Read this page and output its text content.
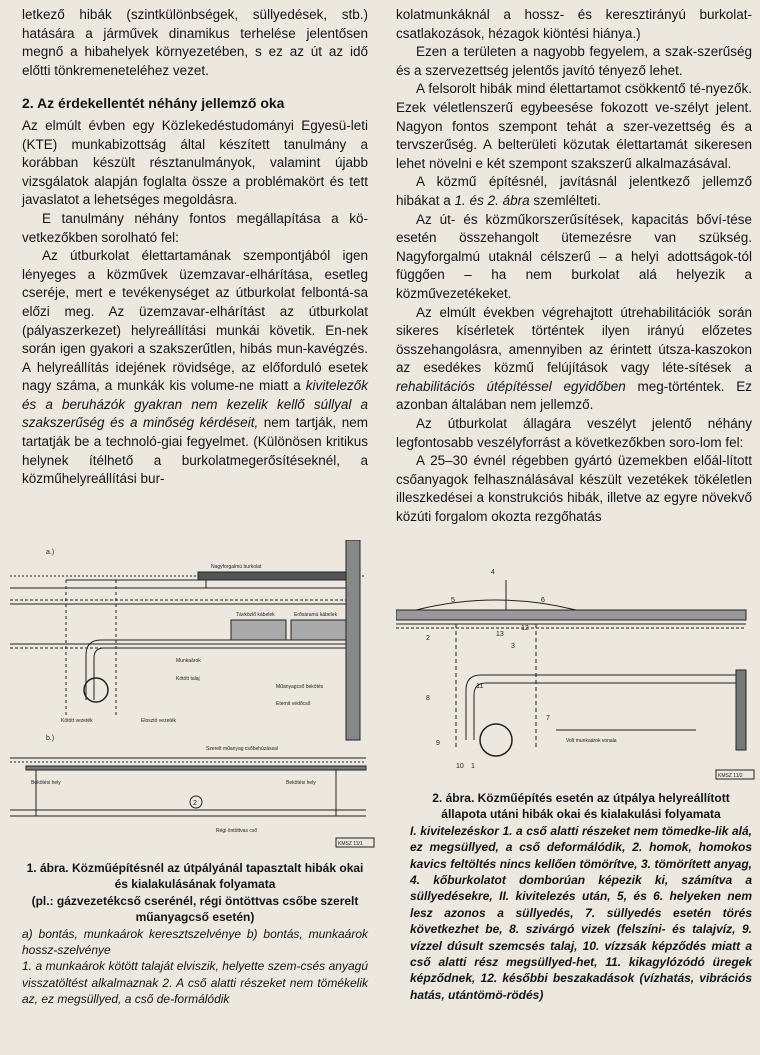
letkező hibák (szintkülönbségek, süllyedések, stb.) hatására a járművek dinamikus terhelése jelentősen megnő a hibahelyek környezetében, s ez az út az idő előtti tönkremeneteléhez vezet.

2. Az érdekellentét néhány jellemző oka

Az elmúlt évben egy Közlekedéstudományi Egyesü-leti (KTE) munkabizottság által készített tanulmány a korábban készült résztanulmányok, valamint újabb vizsgálatok alapján foglalta össze a problémakört és tett javaslatot a lehetséges megoldásra.

E tanulmány néhány fontos megállapítása a kö-vetkezőkben sorolható fel:

Az útburkolat élettartamának szempontjából igen lényeges a közművek üzemzavar-elhárítása, esetleg cseréje, mert e tevékenységet az útburkolat felbontá-sa előzi meg. Az üzemzavar-elhárítást az útburkolat (pályaszerkezet) helyreállítási munkái követik. En-nek során igen gyakori a szakszerűtlen, hibás mun-kavégzés. A helyreállítás idejének rövidsége, az előforduló esetek nagy száma, a munkák kis volume-ne miatt a kivitelezők és a beruházók gyakran nem kezelik kellő súllyal a szakszerűség és a minőség kérdéseit, nem tartják, nem tartatják be a technoló-giai fegyelmet. (Különösen kritikus helynek ítélhető a burkolatmegerősítéseknél, a közműhelyreállítási bur-

kolatmunkáknál a hossz- és keresztirányú burkolat-csatlakozások, hézagok kiöntési hiánya.)

Ezen a területen a nagyobb fegyelem, a szak-szerűség és a szervezettség jelentős javító tényező lehet.

A felsorolt hibák mind élettartamot csökkentő té-nyezők. Ezek véletlenszerű egybeesése fokozott ve-szélyt jelent. Nagyon fontos szempont tehát a szer-vezettség és a tervszerűség. A belterületi közutak élettartamát sikeresen lehet növelni e két szempont szakszerű alkalmazásával.

A közmű építésnél, javításnál jelentkező jellemző hibákat a 1. és 2. ábra szemlélteti.

Az út- és közműkorszerűsítések, kapacitás bőví-tése esetén összehangolt ütemezésre van szükség. Nagyforgalmú utaknál célszerű – a helyi adottságok-tól függően – ha nem burkolat alá helyezik a közművezetékeket.

Az elmúlt években végrehajtott útrehabilitációk során sikeres kísérletek történtek ilyen irányú előzetes összehangolásra, amennyiben az érintett útsza-kaszokon az esedékes közmű felújítások vagy léte-sítések a rehabilitációs útépítéssel egyidőben meg-történtek. Ez azonban általában nem jellemző.

Az útburkolat állagára veszélyt jelentő néhány legfontosabb veszélyforrást a következőkben soro-lom fel:

A 25–30 évnél régebben gyártó üzemekben előál-lított csőanyagok felhasználásával készült vezetékek tökéletlen illeszkedései a konstrukciós hibák, illetve az egyre növekvő közúti forgalom okozta rezgőhatás

a.)
Nagyforgalmú burkolat
Távközlő kábelek	Erősáramú kábelek
Munkaárok
Kötött talaj
Műanyagcső bekötés
Eternit védőcső
Kötött vezeték	Elosztó vezeték
b.)
Szerelt műanyag csőbehúzással
Bekötési hely	Bekötési hely
2
Régi öntöttvas cső
KMSZ 11/1
1. ábra. Közműépítésnél az útpályánál tapasztalt hibák okai és kialakulásának folyamata
(pl.: gázvezetékcső cserénél, régi öntöttvas csőbe szerelt műanyagcső esetén)
a) bontás, munkaárok keresztszelvénye b) bontás, munkaárok hossz-szelvénye
1. a munkaárok kötött talaját elviszik, helyette szem-csés anyagú visszatöltést alkalmaznak 2. A cső alatti részeket nem tömékelik az, ez megsüllyed, a cső de-formálódik
4
5	6
2
3
12
11
8
7
9
10 1
13
Volt munkaárok vonala
KMSZ 11/2
2. ábra. Közműépítés esetén az útpálya helyreállított állapota utáni hibák okai és kialakulási folyamata
I. kivitelezéskor 1. a cső alatti részeket nem tömedke-lik alá, ez megsüllyed, a cső deformálódik, 2. homok, homokos kavics feltöltés nincs kellően tömörítve, 3. tömörített anyag, 4. kőburkolatot domborúan képezik ki, számítva a süllyedésekre, II. kivitelezés után, 5, és 6. helyeken nem lesz azonos a süllyedés, 7. süllyedés esetén törés következhet be, 8. szivárgó vizek (felszíni- és talajvíz, 9. vízzel dúsult szemcsés talaj, 10. vízzsák képződés miatt a cső alatti rész megsüllyed-het, 11. kikagylózódó üregek képződnek, 12. későbbi beszakadások (vízhatás, vibrációs hatás, utántömö-rödés)
